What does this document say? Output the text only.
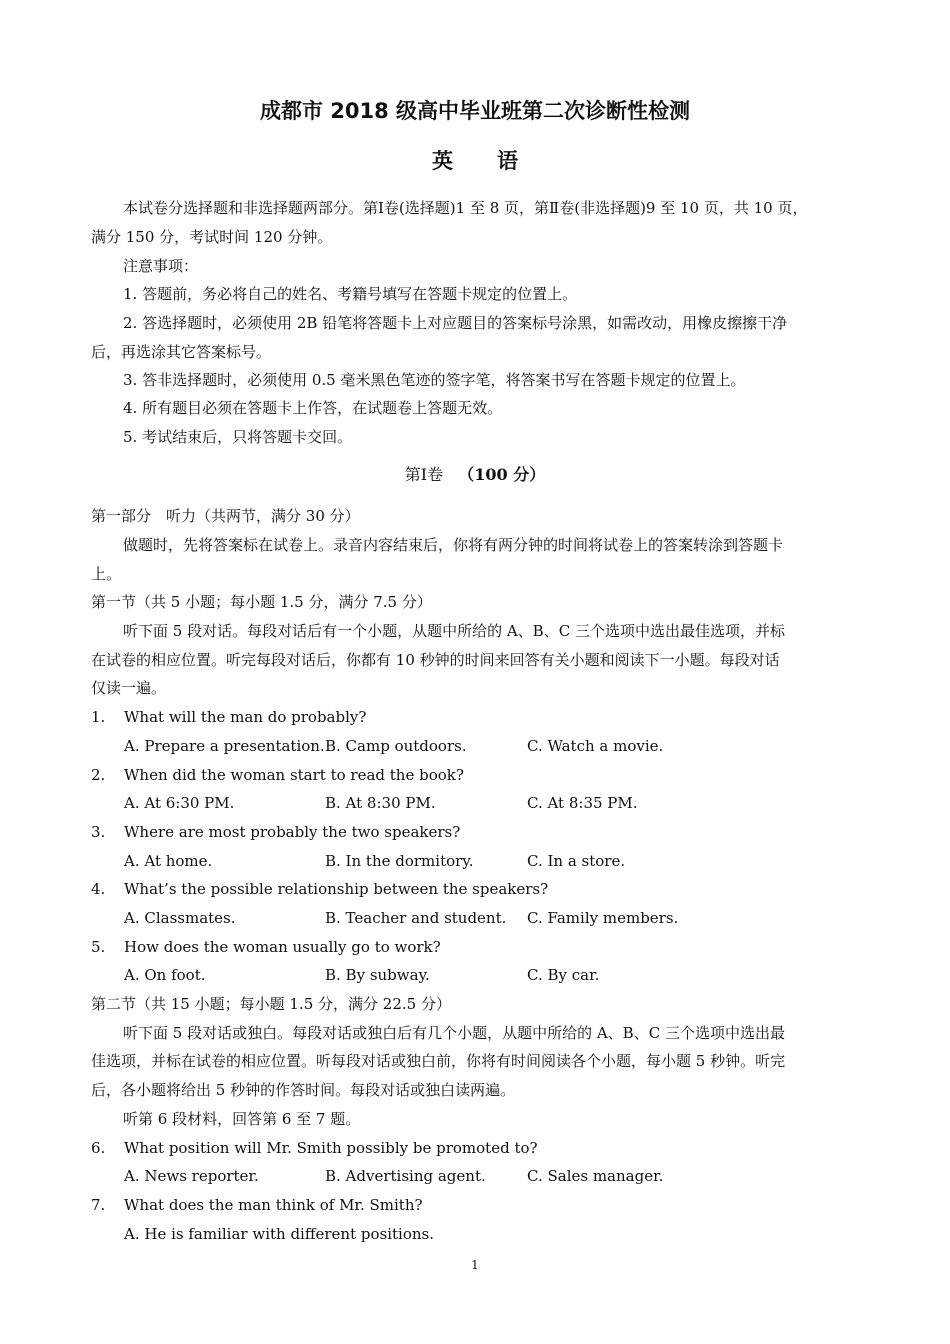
成都市 2018 级高中毕业班第二次诊断性检测
英语
本试卷分选择题和非选择题两部分。第Ⅰ卷(选择题)1 至 8 页，第Ⅱ卷(非选择题)9 至 10 页，共 10 页，
满分 150 分，考试时间 120 分钟。
注意事项：
1. 答题前，务必将自己的姓名、考籍号填写在答题卡规定的位置上。
2. 答选择题时，必须使用 2B 铅笔将答题卡上对应题目的答案标号涂黑，如需改动，用橡皮擦擦干净
后，再选涂其它答案标号。
3. 答非选择题时，必须使用 0.5 毫米黑色笔迹的签字笔，将答案书写在答题卡规定的位置上。
4. 所有题目必须在答题卡上作答，在试题卷上答题无效。
5. 考试结束后，只将答题卡交回。
第Ⅰ卷 （100 分）
第一部分　听力（共两节，满分 30 分）
做题时，先将答案标在试卷上。录音内容结束后，你将有两分钟的时间将试卷上的答案转涂到答题卡
上。
第一节（共 5 小题；每小题 1.5 分，满分 7.5 分）
听下面 5 段对话。每段对话后有一个小题，从题中所给的 A、B、C 三个选项中选出最佳选项，并标
在试卷的相应位置。听完每段对话后，你都有 10 秒钟的时间来回答有关小题和阅读下一小题。每段对话
仅读一遍。
1. What will the man do probably?
A. Prepare a presentation. B. Camp outdoors.	C. Watch a movie.
2. When did the woman start to read the book?
A. At 6:30 PM.	B. At 8:30 PM.	C. At 8:35 PM.
3. Where are most probably the two speakers?
A. At home.	B. In the dormitory.	C. In a store.
4. What’s the possible relationship between the speakers?
A. Classmates.	B. Teacher and student. C. Family members.
5. How does the woman usually go to work?
A. On foot.	B. By subway.	C. By car.
第二节（共 15 小题；每小题 1.5 分，满分 22.5 分）
听下面 5 段对话或独白。每段对话或独白后有几个小题，从题中所给的 A、B、C 三个选项中选出最
佳选项，并标在试卷的相应位置。听每段对话或独白前，你将有时间阅读各个小题，每小题 5 秒钟。听完
后，各小题将给出 5 秒钟的作答时间。每段对话或独白读两遍。
听第 6 段材料，回答第 6 至 7 题。
6. What position will Mr. Smith possibly be promoted to?
A. News reporter.	B. Advertising agent.	C. Sales manager.
7. What does the man think of Mr. Smith?
A. He is familiar with different positions.
1
